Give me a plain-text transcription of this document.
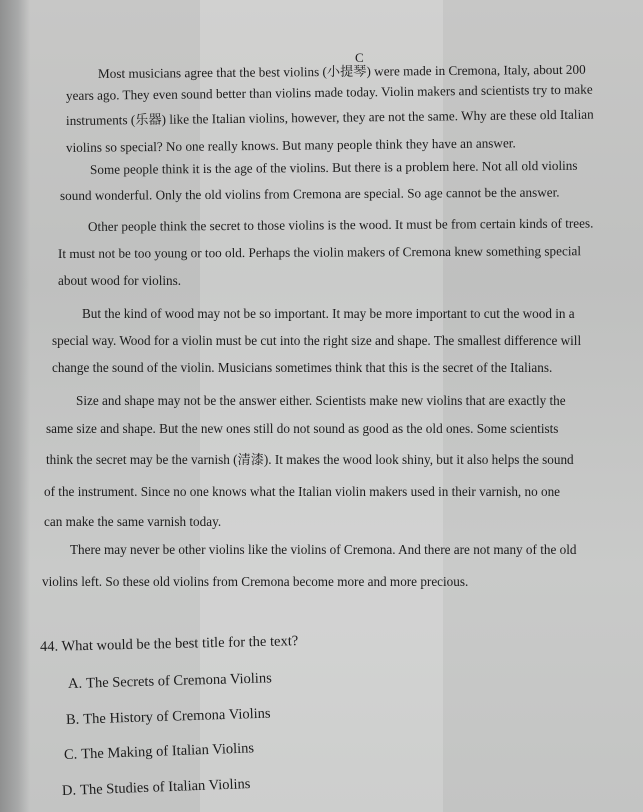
C
Most musicians agree that the best violins (小提琴) were made in Cremona, Italy, about 200
years ago. They even sound better than violins made today. Violin makers and scientists try to make
instruments (乐器) like the Italian violins, however, they are not the same. Why are these old Italian
violins so special? No one really knows. But many people think they have an answer.
Some people think it is the age of the violins. But there is a problem here. Not all old violins
sound wonderful. Only the old violins from Cremona are special. So age cannot be the answer.
Other people think the secret to those violins is the wood. It must be from certain kinds of trees.
It must not be too young or too old. Perhaps the violin makers of Cremona knew something special
about wood for violins.
But the kind of wood may not be so important. It may be more important to cut the wood in a
special way. Wood for a violin must be cut into the right size and shape. The smallest difference will
change the sound of the violin. Musicians sometimes think that this is the secret of the Italians.
Size and shape may not be the answer either. Scientists make new violins that are exactly the
same size and shape. But the new ones still do not sound as good as the old ones. Some scientists
think the secret may be the varnish (清漆). It makes the wood look shiny, but it also helps the sound
of the instrument. Since no one knows what the Italian violin makers used in their varnish, no one
can make the same varnish today.
There may never be other violins like the violins of Cremona. And there are not many of the old
violins left. So these old violins from Cremona become more and more precious.
44. What would be the best title for the text?
A. The Secrets of Cremona Violins
B. The History of Cremona Violins
C. The Making of Italian Violins
D. The Studies of Italian Violins
